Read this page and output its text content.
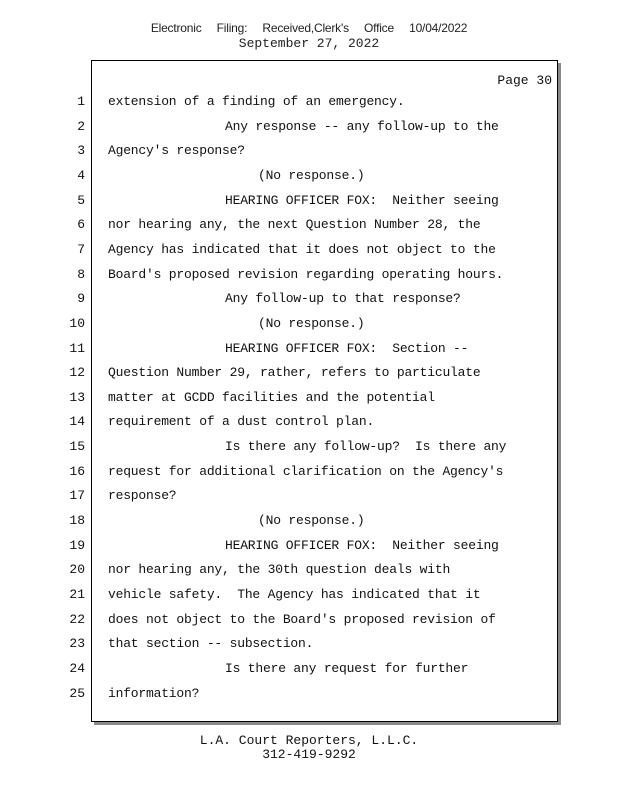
Electronic Filing: Received,Clerk's Office 10/04/2022
September 27, 2022
Page 30
1
2
3
4
5
6
7
8
9
10
11
12
13
14
15
16
17
18
19
20
21
22
23
24
25
extension of a finding of an emergency.
Any response -- any follow-up to the
Agency's response?
(No response.)
HEARING OFFICER FOX:  Neither seeing
nor hearing any, the next Question Number 28, the
Agency has indicated that it does not object to the
Board's proposed revision regarding operating hours.
Any follow-up to that response?
(No response.)
HEARING OFFICER FOX:  Section --
Question Number 29, rather, refers to particulate
matter at GCDD facilities and the potential
requirement of a dust control plan.
Is there any follow-up?  Is there any
request for additional clarification on the Agency's
response?
(No response.)
HEARING OFFICER FOX:  Neither seeing
nor hearing any, the 30th question deals with
vehicle safety.  The Agency has indicated that it
does not object to the Board's proposed revision of
that section -- subsection.
Is there any request for further
information?
L.A. Court Reporters, L.L.C.
312-419-9292
